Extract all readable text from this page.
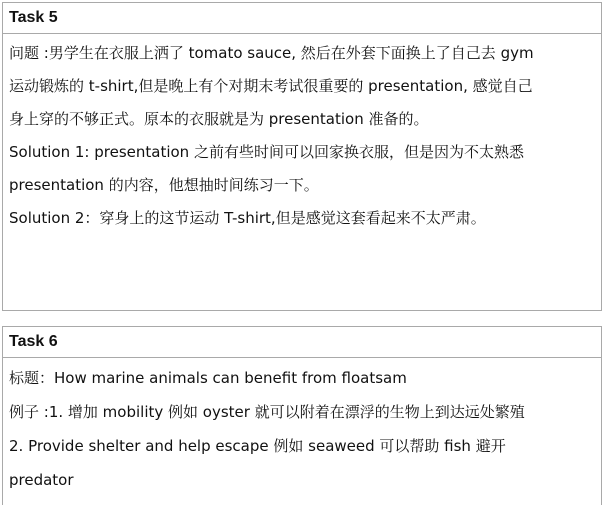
Task 5
问题 :男学生在衣服上洒了 tomato sauce, 然后在外套下面换上了自己去 gym
运动锻炼的 t-shirt,但是晚上有个对期末考试很重要的 presentation, 感觉自己
身上穿的不够正式。原本的衣服就是为 presentation 准备的。
Solution 1: presentation 之前有些时间可以回家换衣服，但是因为不太熟悉
presentation 的内容，他想抽时间练习一下。
Solution 2：穿身上的这节运动 T-shirt,但是感觉这套看起来不太严肃。
Task 6
标题：How marine animals can benefit from floatsam
例子 :1. 增加 mobility 例如 oyster 就可以附着在漂浮的生物上到达远处繁殖
2. Provide shelter and help escape 例如 seaweed 可以帮助 fish 避开
predator
